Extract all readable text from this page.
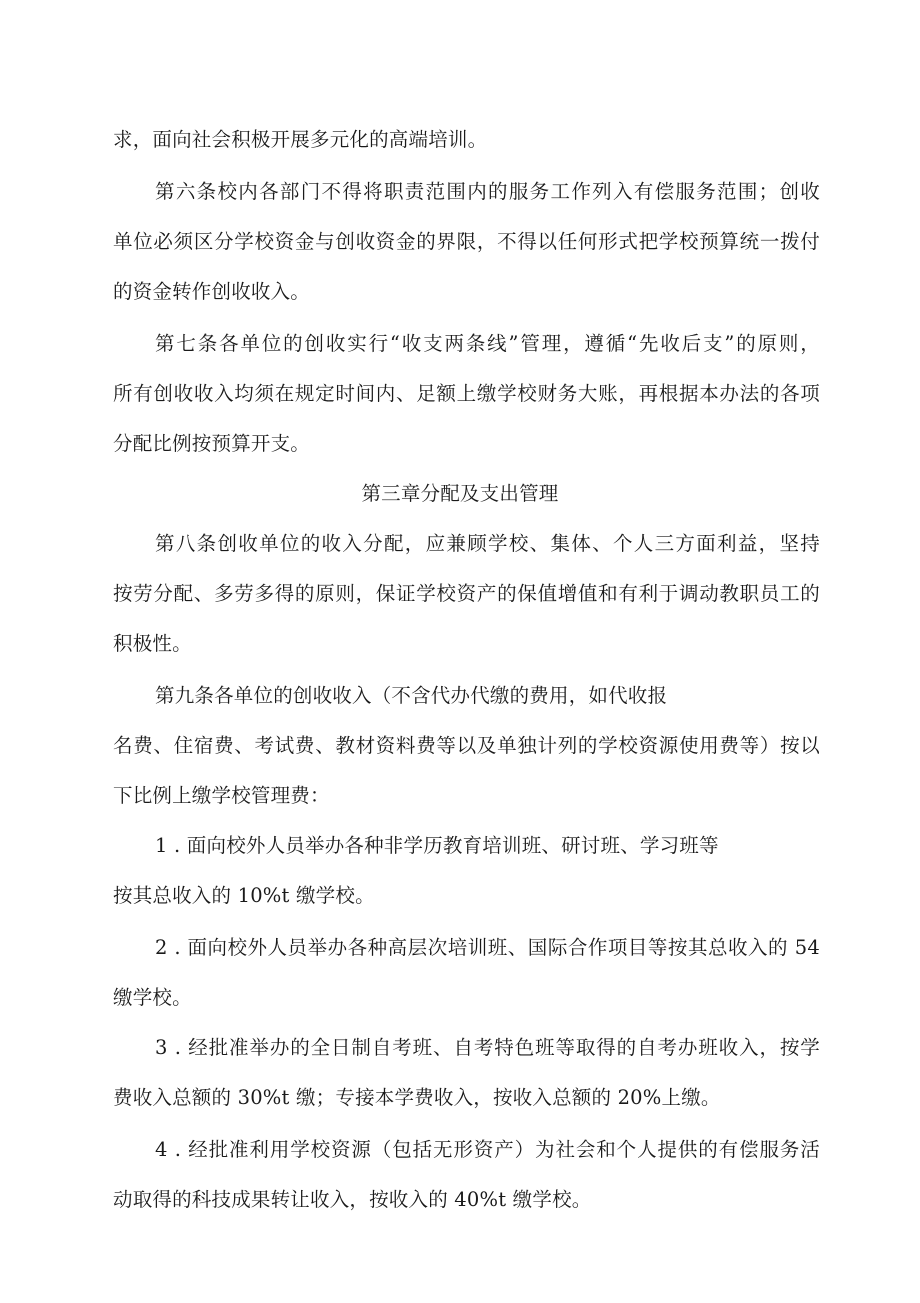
求，面向社会积极开展多元化的高端培训。
第六条校内各部门不得将职责范围内的服务工作列入有偿服务范围；创收
单位必须区分学校资金与创收资金的界限，不得以任何形式把学校预算统一拨付
的资金转作创收收入。
第七条各单位的创收实行“收支两条线”管理，遵循“先收后支”的原则，
所有创收收入均须在规定时间内、足额上缴学校财务大账，再根据本办法的各项
分配比例按预算开支。
第三章分配及支出管理
第八条创收单位的收入分配，应兼顾学校、集体、个人三方面利益，坚持
按劳分配、多劳多得的原则，保证学校资产的保值增值和有利于调动教职员工的
积极性。
第九条各单位的创收收入（不含代办代缴的费用，如代收报
名费、住宿费、考试费、教材资料费等以及单独计列的学校资源使用费等）按以
下比例上缴学校管理费：
1 . 面向校外人员举办各种非学历教育培训班、研讨班、学习班等
按其总收入的 10%t 缴学校。
2 . 面向校外人员举办各种高层次培训班、国际合作项目等按其总收入的 54
缴学校。
3 . 经批准举办的全日制自考班、自考特色班等取得的自考办班收入，按学
费收入总额的 30%t 缴；专接本学费收入，按收入总额的 20%上缴。
4 . 经批准利用学校资源（包括无形资产）为社会和个人提供的有偿服务活
动取得的科技成果转让收入，按收入的 40%t 缴学校。
